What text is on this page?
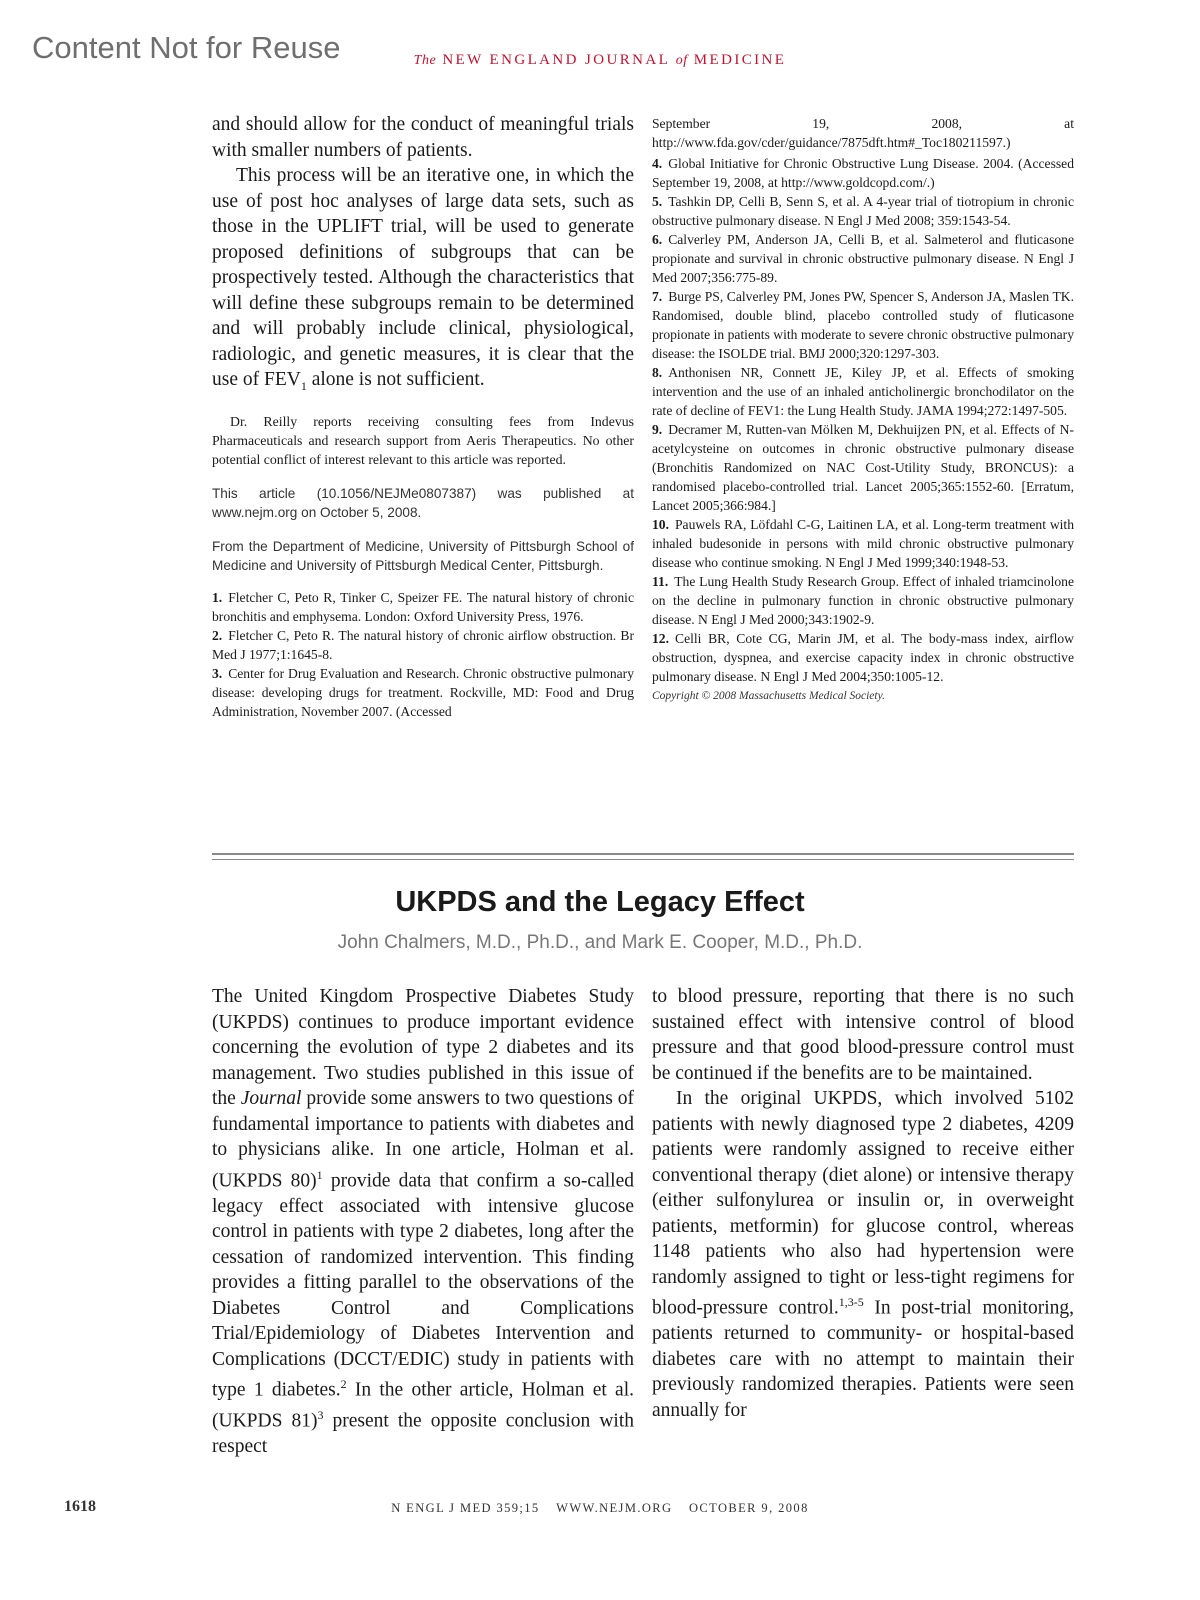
Content Not for Reuse	The NEW ENGLAND JOURNAL of MEDICINE

and should allow for the conduct of meaningful trials with smaller numbers of patients.

This process will be an iterative one, in which the use of post hoc analyses of large data sets, such as those in the UPLIFT trial, will be used to generate proposed definitions of subgroups that can be prospectively tested. Although the characteristics that will define these subgroups remain to be determined and will probably include clinical, physiological, radiologic, and genetic measures, it is clear that the use of $FEV_1$ alone is not sufficient.

Dr. Reilly reports receiving consulting fees from Indevus Pharmaceuticals and research support from Aeris Therapeutics. No other potential conflict of interest relevant to this article was reported.

This article (10.1056/NEJMe0807387) was published at www.nejm.org on October 5, 2008.

From the Department of Medicine, University of Pittsburgh School of Medicine and University of Pittsburgh Medical Center, Pittsburgh.

1. Fletcher C, Peto R, Tinker C, Speizer FE. The natural history of chronic bronchitis and emphysema. London: Oxford University Press, 1976.
2. Fletcher C, Peto R. The natural history of chronic airflow obstruction. Br Med J 1977;1:1645-8.
3. Center for Drug Evaluation and Research. Chronic obstructive pulmonary disease: developing drugs for treatment. Rockville, MD: Food and Drug Administration, November 2007. (Accessed

September 19, 2008, at http://www.fda.gov/cder/guidance/7875dft.htm#_Toc180211597.)

4. Global Initiative for Chronic Obstructive Lung Disease. 2004. (Accessed September 19, 2008, at http://www.goldcopd.com/.)
5. Tashkin DP, Celli B, Senn S, et al. A 4-year trial of tiotropium in chronic obstructive pulmonary disease. N Engl J Med 2008; 359:1543-54.
6. Calverley PM, Anderson JA, Celli B, et al. Salmeterol and fluticasone propionate and survival in chronic obstructive pulmonary disease. N Engl J Med 2007;356:775-89.
7. Burge PS, Calverley PM, Jones PW, Spencer S, Anderson JA, Maslen TK. Randomised, double blind, placebo controlled study of fluticasone propionate in patients with moderate to severe chronic obstructive pulmonary disease: the ISOLDE trial. BMJ 2000;320:1297-303.
8. Anthonisen NR, Connett JE, Kiley JP, et al. Effects of smoking intervention and the use of an inhaled anticholinergic bronchodilator on the rate of decline of FEV1: the Lung Health Study. JAMA 1994;272:1497-505.
9. Decramer M, Rutten-van Mölken M, Dekhuijzen PN, et al. Effects of N-acetylcysteine on outcomes in chronic obstructive pulmonary disease (Bronchitis Randomized on NAC Cost-Utility Study, BRONCUS): a randomised placebo-controlled trial. Lancet 2005;365:1552-60. [Erratum, Lancet 2005;366:984.]
10. Pauwels RA, Löfdahl C-G, Laitinen LA, et al. Long-term treatment with inhaled budesonide in persons with mild chronic obstructive pulmonary disease who continue smoking. N Engl J Med 1999;340:1948-53.
11. The Lung Health Study Research Group. Effect of inhaled triamcinolone on the decline in pulmonary function in chronic obstructive pulmonary disease. N Engl J Med 2000;343:1902-9.
12. Celli BR, Cote CG, Marin JM, et al. The body-mass index, airflow obstruction, dyspnea, and exercise capacity index in chronic obstructive pulmonary disease. N Engl J Med 2004;350:1005-12.

Copyright © 2008 Massachusetts Medical Society.

UKPDS and the Legacy Effect
John Chalmers, M.D., Ph.D., and Mark E. Cooper, M.D., Ph.D.

The United Kingdom Prospective Diabetes Study (UKPDS) continues to produce important evidence concerning the evolution of type 2 diabetes and its management. Two studies published in this issue of the Journal provide some answers to two questions of fundamental importance to patients with diabetes and to physicians alike. In one article, Holman et al. (UKPDS 80)$^1$ provide data that confirm a so-called legacy effect associated with intensive glucose control in patients with type 2 diabetes, long after the cessation of randomized intervention. This finding provides a fitting parallel to the observations of the Diabetes Control and Complications Trial/Epidemiology of Diabetes Intervention and Complications (DCCT/EDIC) study in patients with type 1 diabetes.$^2$ In the other article, Holman et al. (UKPDS 81)$^3$ present the opposite conclusion with respect

to blood pressure, reporting that there is no such sustained effect with intensive control of blood pressure and that good blood-pressure control must be continued if the benefits are to be maintained.

In the original UKPDS, which involved 5102 patients with newly diagnosed type 2 diabetes, 4209 patients were randomly assigned to receive either conventional therapy (diet alone) or intensive therapy (either sulfonylurea or insulin or, in overweight patients, metformin) for glucose control, whereas 1148 patients who also had hypertension were randomly assigned to tight or less-tight regimens for blood-pressure control.$^{1,3-5}$ In post-trial monitoring, patients returned to community- or hospital-based diabetes care with no attempt to maintain their previously randomized therapies. Patients were seen annually for

1618	N ENGL J MED 359;15 WWW.NEJM.ORG OCTOBER 9, 2008
